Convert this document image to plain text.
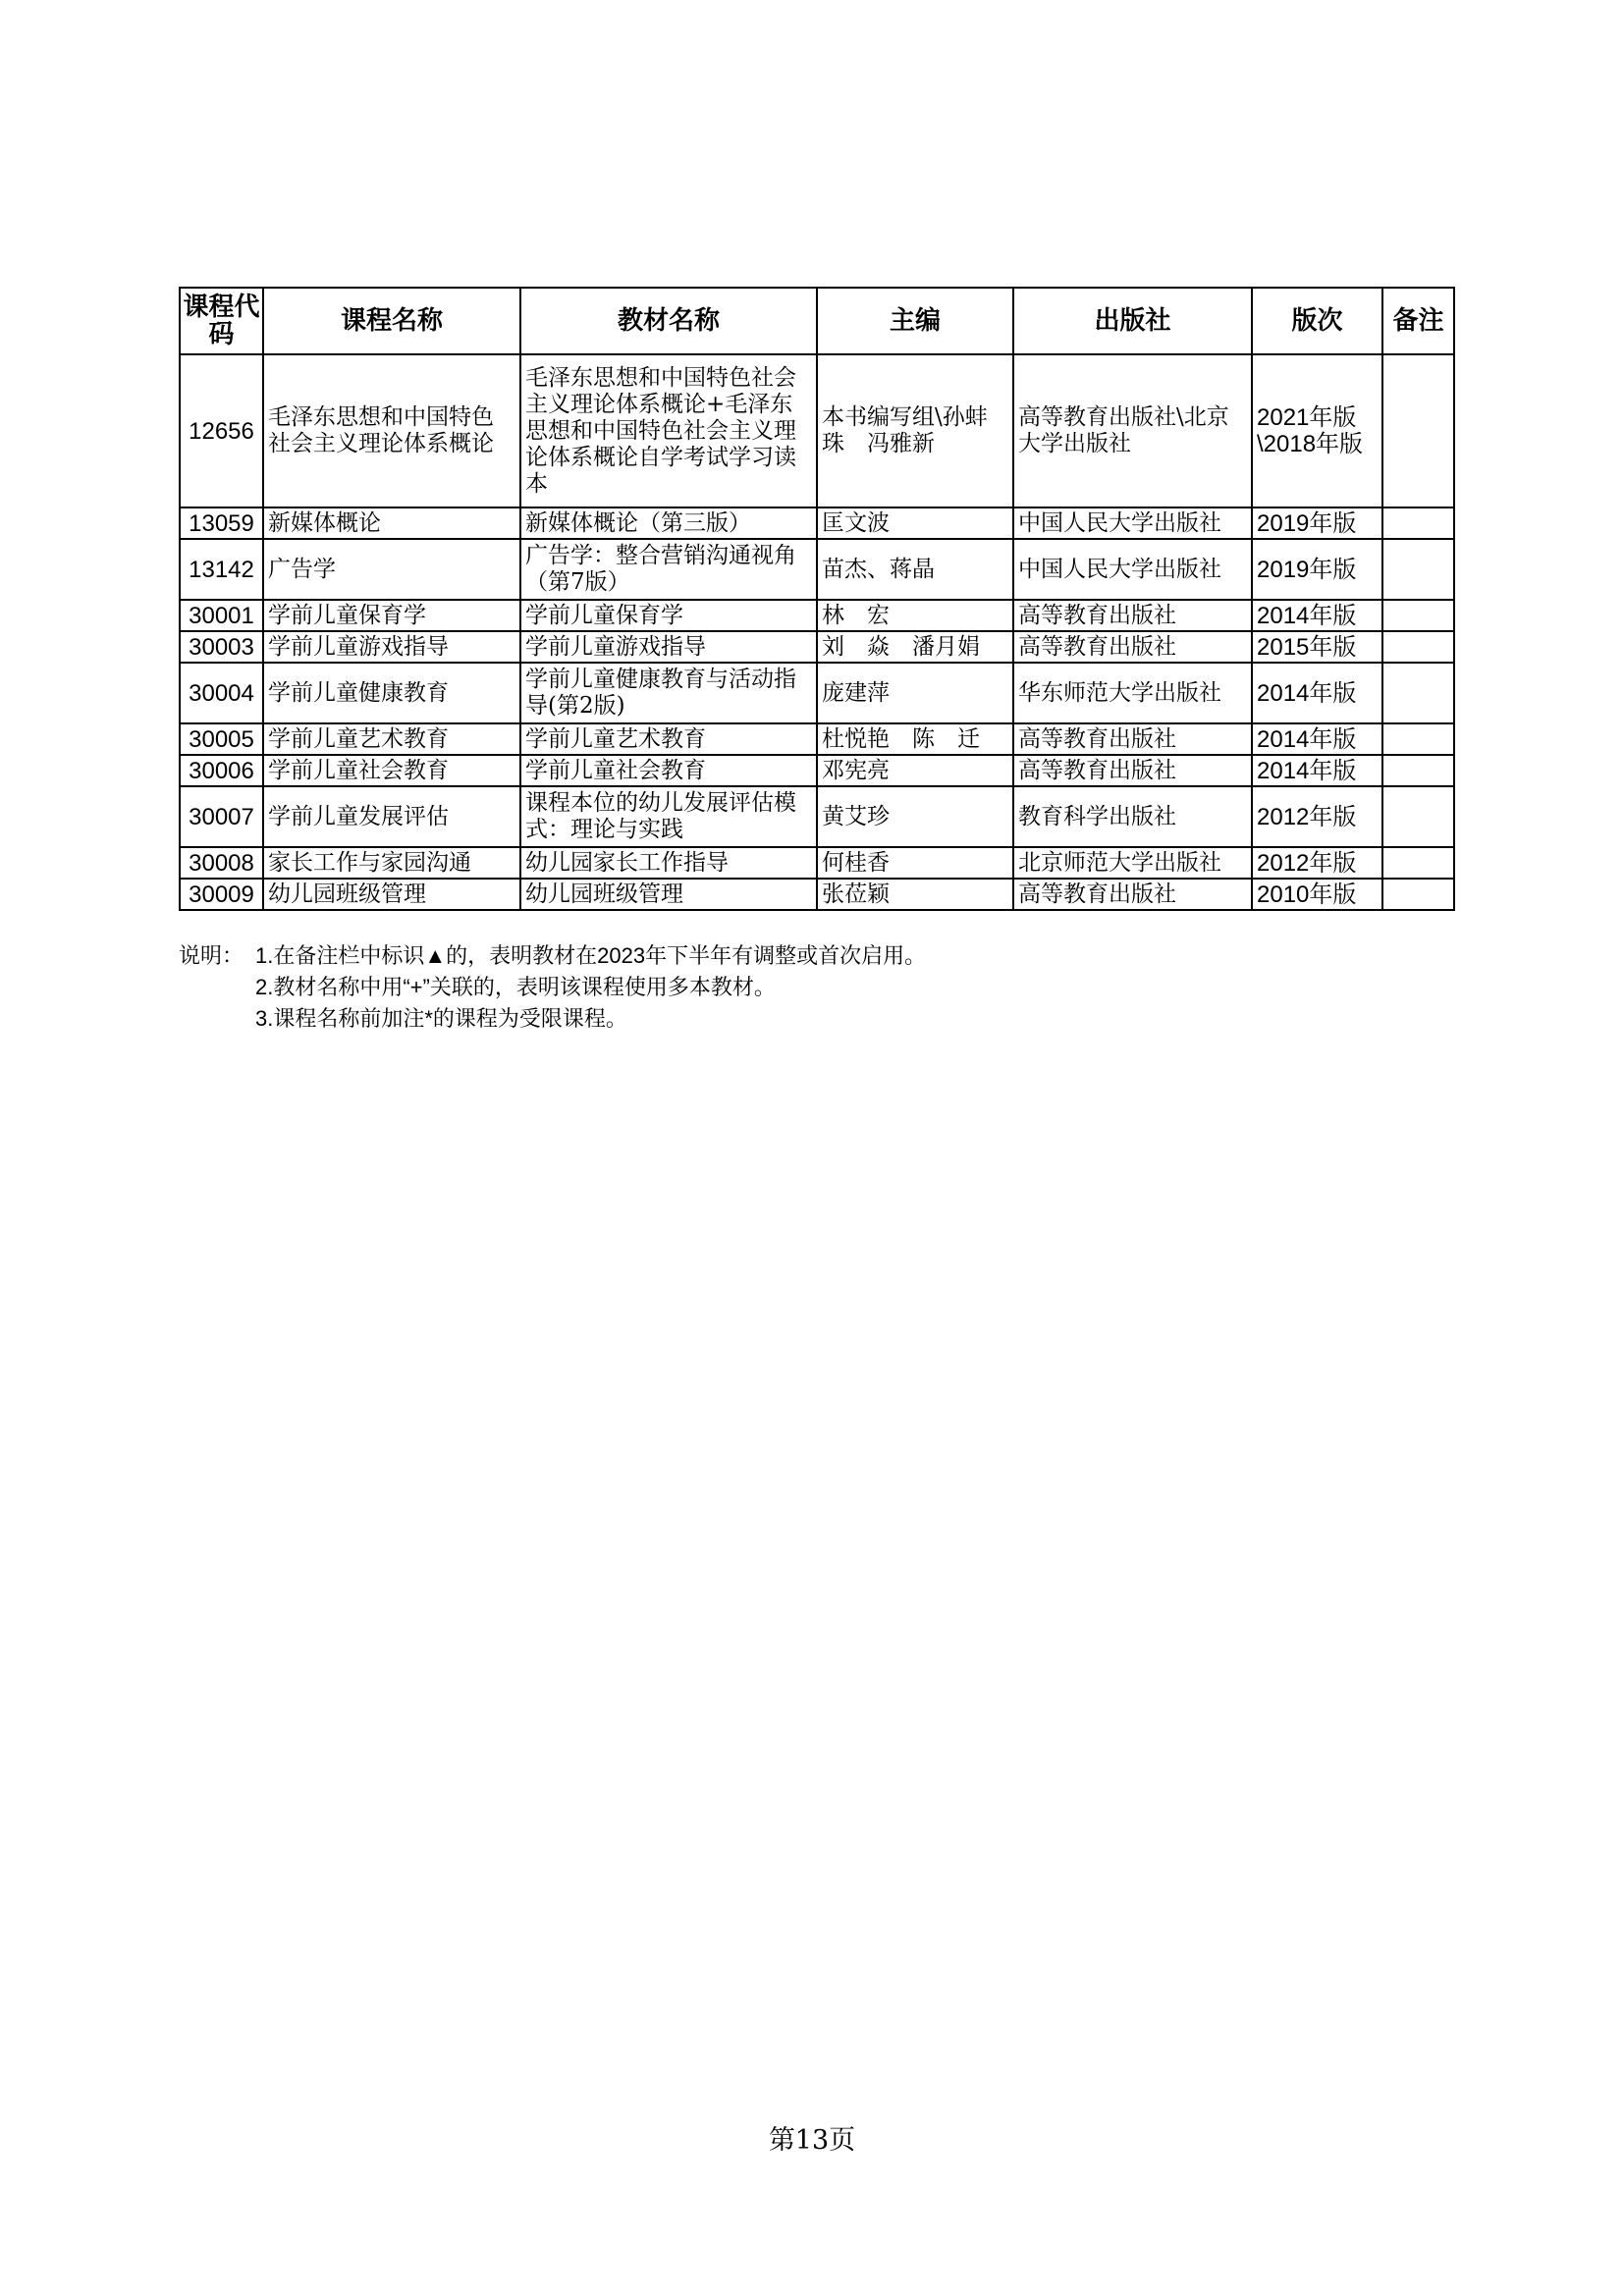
课程代码	课程名称	教材名称	主编	出版社	版次	备注
12656	毛泽东思想和中国特色社会主义理论体系概论	毛泽东思想和中国特色社会主义理论体系概论+毛泽东思想和中国特色社会主义理论体系概论自学考试学习读本	本书编写组\孙蚌珠　冯雅新	高等教育出版社\北京大学出版社	2021年版\2018年版	
13059	新媒体概论	新媒体概论（第三版）	匡文波	中国人民大学出版社	2019年版	
13142	广告学	广告学：整合营销沟通视角（第7版）	苗杰、蒋晶	中国人民大学出版社	2019年版	
30001	学前儿童保育学	学前儿童保育学	林　宏	高等教育出版社	2014年版	
30003	学前儿童游戏指导	学前儿童游戏指导	刘　焱　潘月娟	高等教育出版社	2015年版	
30004	学前儿童健康教育	学前儿童健康教育与活动指导(第2版)	庞建萍	华东师范大学出版社	2014年版	
30005	学前儿童艺术教育	学前儿童艺术教育	杜悦艳　陈　迁	高等教育出版社	2014年版	
30006	学前儿童社会教育	学前儿童社会教育	邓宪亮	高等教育出版社	2014年版	
30007	学前儿童发展评估	课程本位的幼儿发展评估模式：理论与实践	黄艾珍	教育科学出版社	2012年版	
30008	家长工作与家园沟通	幼儿园家长工作指导	何桂香	北京师范大学出版社	2012年版	
30009	幼儿园班级管理	幼儿园班级管理	张莅颖	高等教育出版社	2010年版	
说明： 1.在备注栏中标识▲的，表明教材在2023年下半年有调整或首次启用。
2.教材名称中用“+”关联的，表明该课程使用多本教材。
3.课程名称前加注*的课程为受限课程。
第13页
